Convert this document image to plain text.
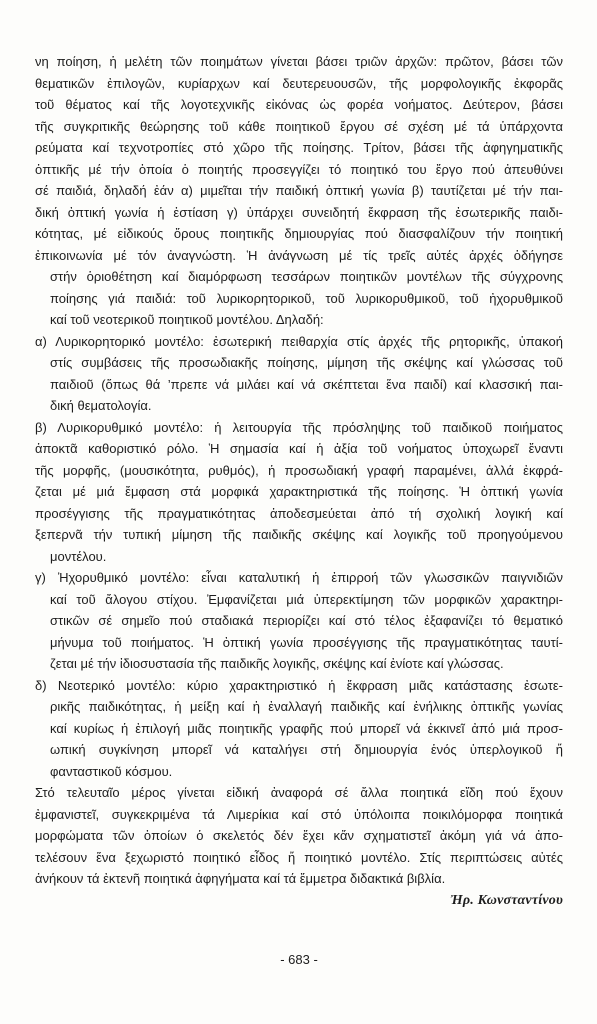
νη ποίηση, ἡ μελέτη τῶν ποιημάτων γίνεται βάσει τριῶν ἀρχῶν: πρῶτον, βάσει τῶν
θεματικῶν ἐπιλογῶν, κυρίαρχων καί δευτερευουσῶν, τῆς μορφολογικῆς ἐκφορᾶς
τοῦ θέματος καί τῆς λογοτεχνικῆς εἰκόνας ὡς φορέα νοήματος. Δεύτερον, βάσει
τῆς συγκριτικῆς θεώρησης τοῦ κάθε ποιητικοῦ ἔργου σέ σχέση μέ τά ὑπάρχοντα
ρεύματα καί τεχνοτροπίες στό χῶρο τῆς ποίησης. Τρίτον, βάσει τῆς ἀφηγηματικῆς
ὀπτικῆς μέ τήν ὁποία ὁ ποιητής προσεγγίζει τό ποιητικό του ἔργο πού ἀπευθύνει
σέ παιδιά, δηλαδή ἐάν α) μιμεῖται τήν παιδική ὀπτική γωνία β) ταυτίζεται μέ τήν παι-
δική ὀπτική γωνία ἡ ἑστίαση γ) ὑπάρχει συνειδητή ἔκφραση τῆς ἐσωτερικῆς παιδι-
κότητας, μέ εἰδικούς ὅρους ποιητικῆς δημιουργίας πού διασφαλίζουν τήν ποιητική
ἐπικοινωνία μέ τόν ἀναγνώστη. Ἡ ἀνάγνωση μέ τίς τρεῖς αὐτές ἀρχές ὁδήγησε
στήν ὁριοθέτηση καί διαμόρφωση τεσσάρων ποιητικῶν μοντέλων τῆς σύγχρονης
ποίησης γιά παιδιά: τοῦ λυρικορητορικοῦ, τοῦ λυρικορυθμικοῦ, τοῦ ἠχορυθμικοῦ
καί τοῦ νεοτερικοῦ ποιητικοῦ μοντέλου. Δηλαδή:
α) Λυρικορητορικό μοντέλο: ἐσωτερική πειθαρχία στίς ἀρχές τῆς ρητορικῆς, ὑπακοή
στίς συμβάσεις τῆς προσωδιακῆς ποίησης, μίμηση τῆς σκέψης καί γλώσσας τοῦ
παιδιοῦ (ὅπως θά ’πρεπε νά μιλάει καί νά σκέπτεται ἕνα παιδί) καί κλασσική παι-
δική θεματολογία.
β) Λυρικορυθμικό μοντέλο: ἡ λειτουργία τῆς πρόσληψης τοῦ παιδικοῦ ποιήματος
ἀποκτᾶ καθοριστικό ρόλο. Ἡ σημασία καί ἡ ἀξία τοῦ νοήματος ὑποχωρεῖ ἔναντι
τῆς μορφῆς, (μουσικότητα, ρυθμός), ἡ προσωδιακή γραφή παραμένει, ἀλλά ἐκφρά-
ζεται μέ μιά ἔμφαση στά μορφικά χαρακτηριστικά τῆς ποίησης. Ἡ ὀπτική γωνία
προσέγγισης τῆς πραγματικότητας ἀποδεσμεύεται ἀπό τή σχολική λογική καί
ξεπερνᾶ τήν τυπική μίμηση τῆς παιδικῆς σκέψης καί λογικῆς τοῦ προηγούμενου
μοντέλου.
γ) Ἠχορυθμικό μοντέλο: εἶναι καταλυτική ἡ ἐπιρροή τῶν γλωσσικῶν παιγνιδιῶν
καί τοῦ ἄλογου στίχου. Ἐμφανίζεται μιά ὑπερεκτίμηση τῶν μορφικῶν χαρακτηρι-
στικῶν σέ σημεῖο πού σταδιακά περιορίζει καί στό τέλος ἐξαφανίζει τό θεματικό
μήνυμα τοῦ ποιήματος. Ἡ ὀπτική γωνία προσέγγισης τῆς πραγματικότητας ταυτί-
ζεται μέ τήν ἰδιοσυστασία τῆς παιδικῆς λογικῆς, σκέψης καί ἐνίοτε καί γλώσσας.
δ) Νεοτερικό μοντέλο: κύριο χαρακτηριστικό ἡ ἔκφραση μιᾶς κατάστασης ἐσωτε-
ρικῆς παιδικότητας, ἡ μείξη καί ἡ ἐναλλαγή παιδικῆς καί ἐνήλικης ὀπτικῆς γωνίας
καί κυρίως ἡ ἐπιλογή μιᾶς ποιητικῆς γραφῆς πού μπορεῖ νά ἐκκινεῖ ἀπό μιά προσ-
ωπική συγκίνηση μπορεῖ νά καταλήγει στή δημιουργία ἑνός ὑπερλογικοῦ ἤ
φανταστικοῦ κόσμου.
Στό τελευταῖο μέρος γίνεται εἰδική ἀναφορά σέ ἄλλα ποιητικά εἴδη πού ἔχουν
ἐμφανιστεῖ, συγκεκριμένα τά Λιμερίκια καί στό ὑπόλοιπα ποικιλόμορφα ποιητικά
μορφώματα τῶν ὁποίων ὁ σκελετός δέν ἔχει κἄν σχηματιστεῖ ἀκόμη γιά νά ἀπο-
τελέσουν ἕνα ξεχωριστό ποιητικό εἶδος ἤ ποιητικό μοντέλο. Στίς περιπτώσεις αὐτές
ἀνήκουν τά ἐκτενῆ ποιητικά ἀφηγήματα καί τά ἔμμετρα διδακτικά βιβλία.
Ἠρ. Κωνσταντίνου
- 683 -
